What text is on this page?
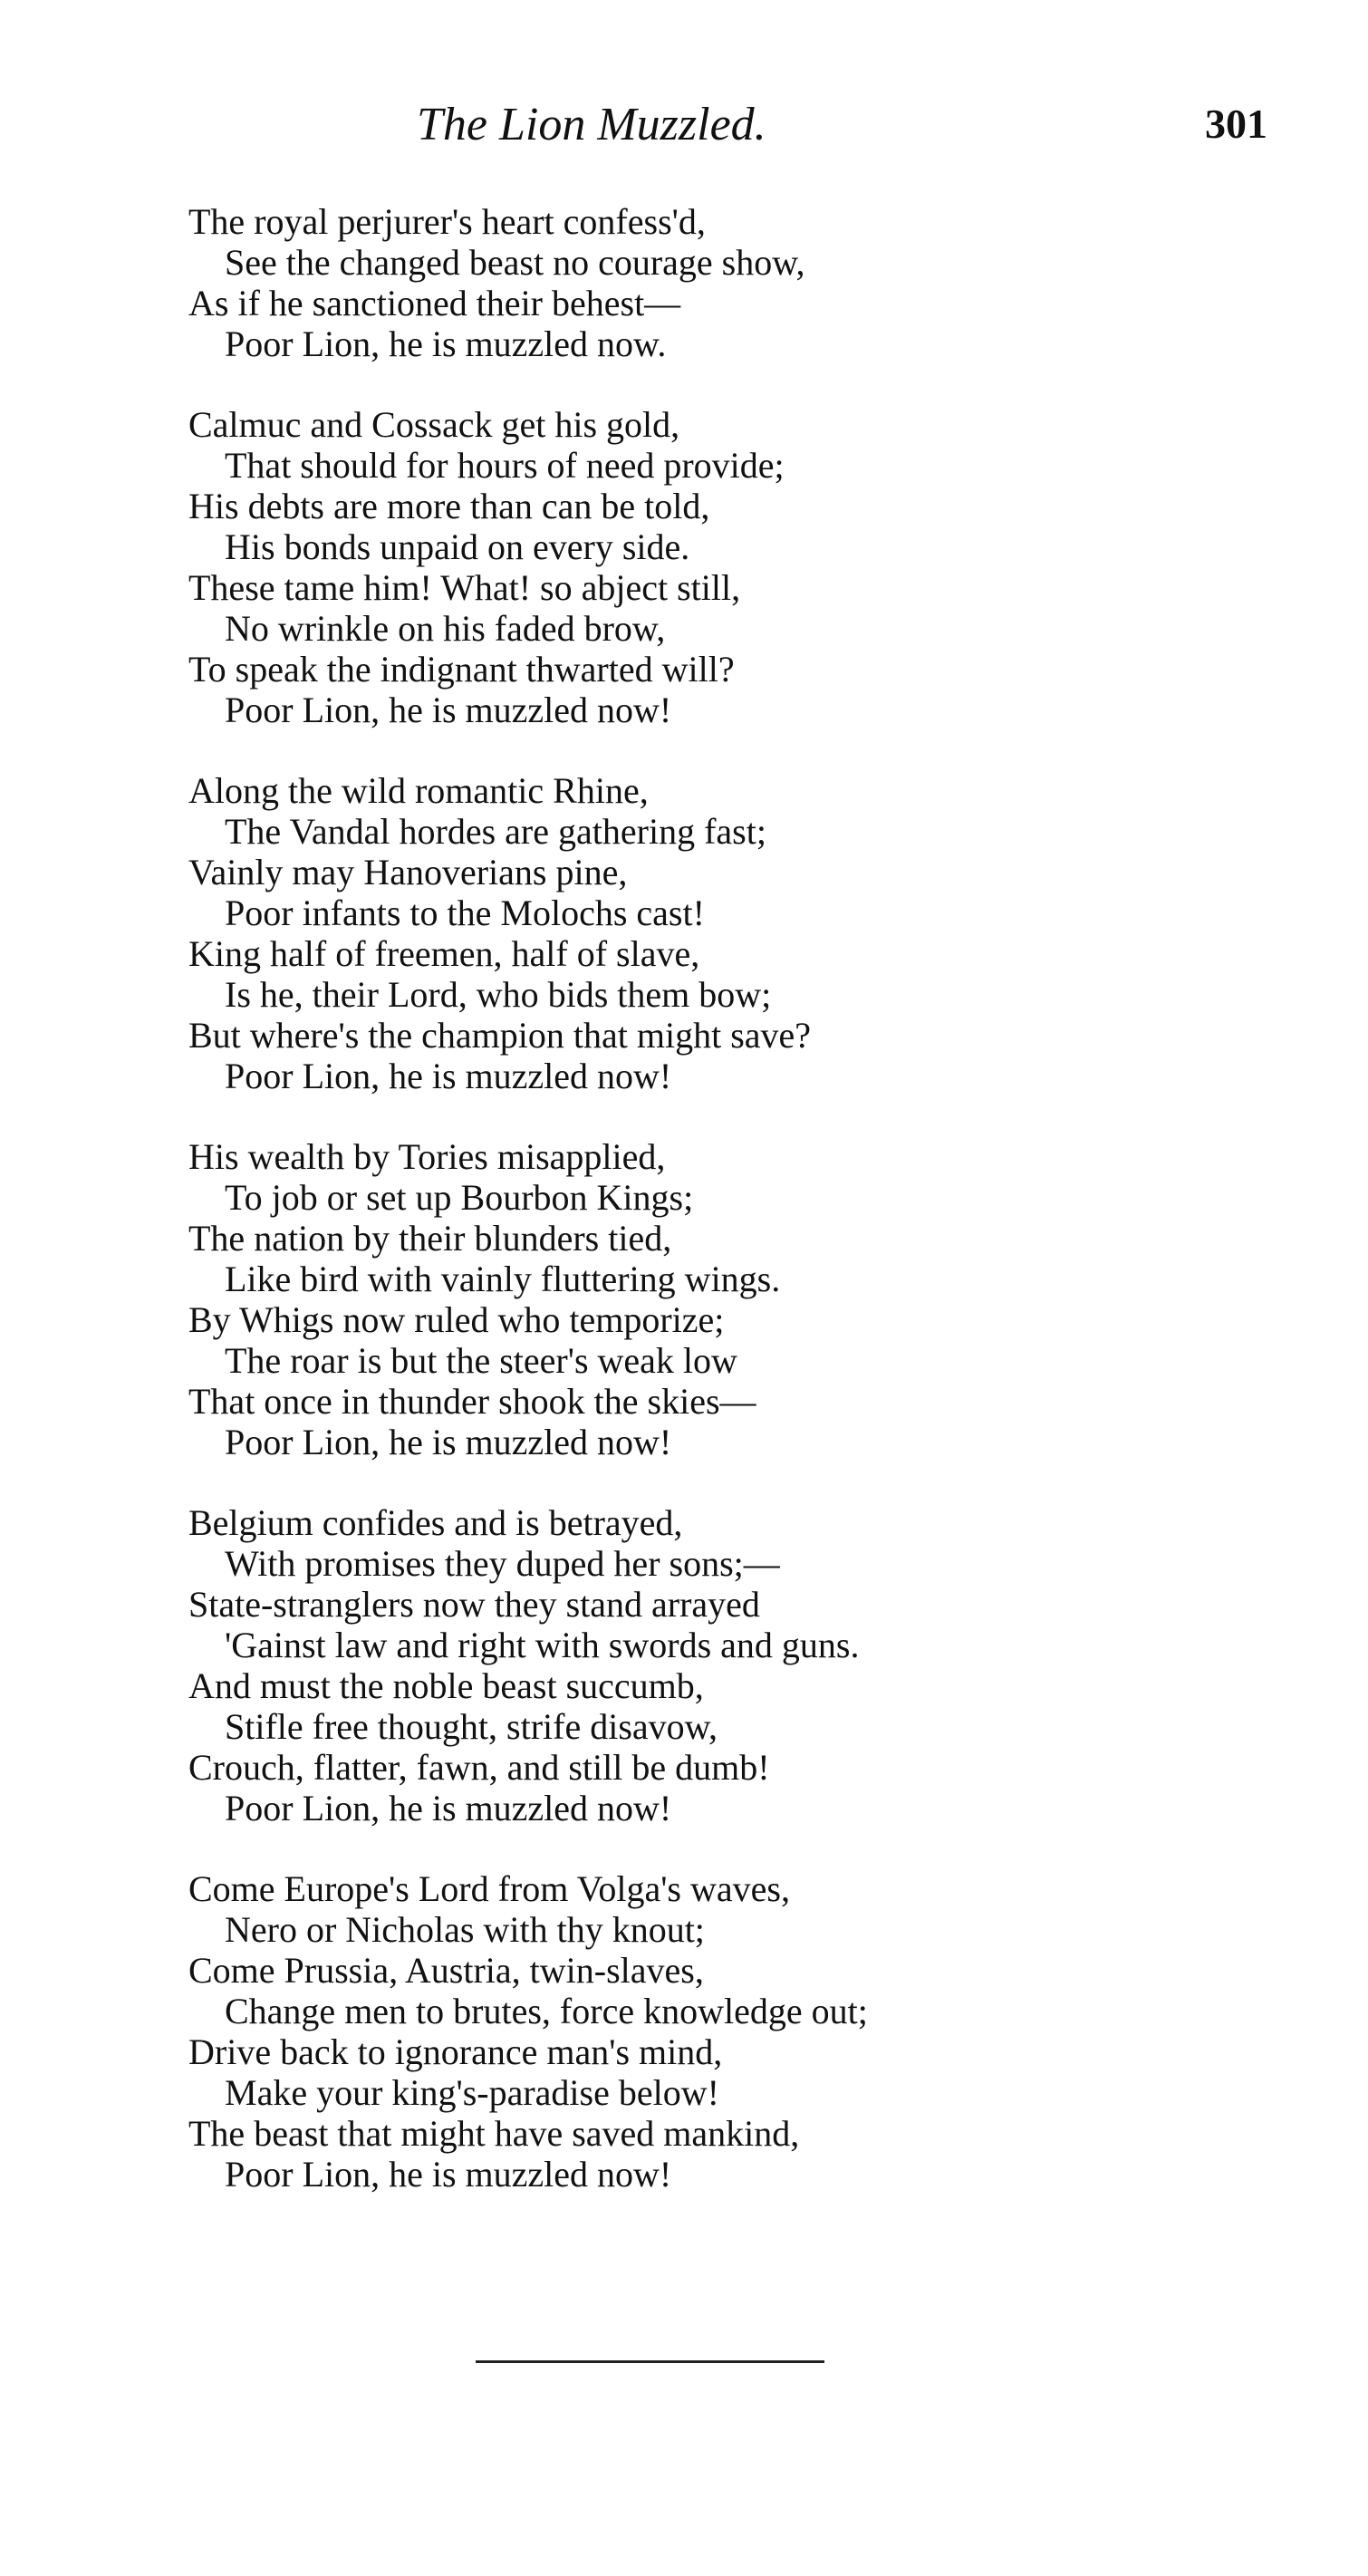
The Lion Muzzled.	301
The royal perjurer's heart confess'd,
See the changed beast no courage show,
As if he sanctioned their behest—
Poor Lion, he is muzzled now.
Calmuc and Cossack get his gold,
That should for hours of need provide;
His debts are more than can be told,
His bonds unpaid on every side.
These tame him! What! so abject still,
No wrinkle on his faded brow,
To speak the indignant thwarted will?
Poor Lion, he is muzzled now!
Along the wild romantic Rhine,
The Vandal hordes are gathering fast;
Vainly may Hanoverians pine,
Poor infants to the Molochs cast!
King half of freemen, half of slave,
Is he, their Lord, who bids them bow;
But where's the champion that might save?
Poor Lion, he is muzzled now!
His wealth by Tories misapplied,
To job or set up Bourbon Kings;
The nation by their blunders tied,
Like bird with vainly fluttering wings.
By Whigs now ruled who temporize;
The roar is but the steer's weak low
That once in thunder shook the skies—
Poor Lion, he is muzzled now!
Belgium confides and is betrayed,
With promises they duped her sons;—
State-stranglers now they stand arrayed
'Gainst law and right with swords and guns.
And must the noble beast succumb,
Stifle free thought, strife disavow,
Crouch, flatter, fawn, and still be dumb!
Poor Lion, he is muzzled now!
Come Europe's Lord from Volga's waves,
Nero or Nicholas with thy knout;
Come Prussia, Austria, twin-slaves,
Change men to brutes, force knowledge out;
Drive back to ignorance man's mind,
Make your king's-paradise below!
The beast that might have saved mankind,
Poor Lion, he is muzzled now!
